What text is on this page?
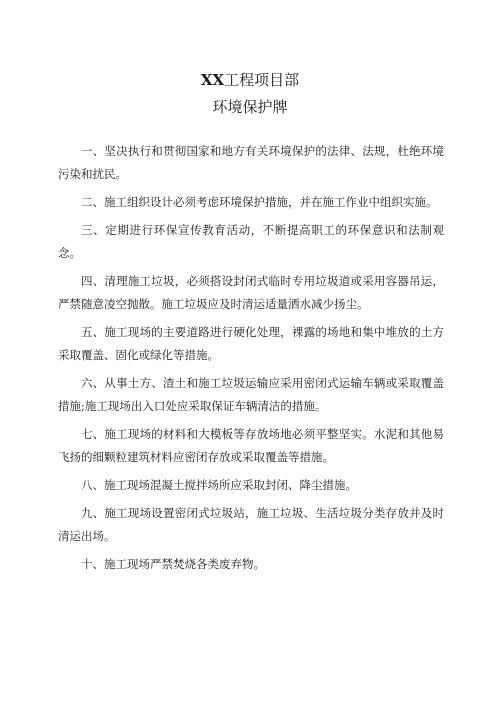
XX工程项目部
环境保护牌

一、坚决执行和贯彻国家和地方有关环境保护的法律、法规，杜绝环境污染和扰民。

二、施工组织设计必须考虑环境保护措施，并在施工作业中组织实施。

三、定期进行环保宣传教育活动，不断提高职工的环保意识和法制观念。

四、清理施工垃圾，必须搭设封闭式临时专用垃圾道或采用容器吊运，严禁随意凌空抛散。施工垃圾应及时清运适量洒水减少扬尘。

五、施工现场的主要道路进行硬化处理，裸露的场地和集中堆放的土方采取覆盖、固化或绿化等措施。

六、从事土方、渣土和施工垃圾运输应采用密闭式运输车辆或采取覆盖措施;施工现场出入口处应采取保证车辆清洁的措施。

七、施工现场的材料和大模板等存放场地必须平整坚实。水泥和其他易飞扬的细颗粒建筑材料应密闭存放或采取覆盖等措施。

八、施工现场混凝土搅拌场所应采取封闭、降尘措施。

九、施工现场设置密闭式垃圾站，施工垃圾、生活垃圾分类存放并及时清运出场。

十、施工现场严禁焚烧各类废弃物。
